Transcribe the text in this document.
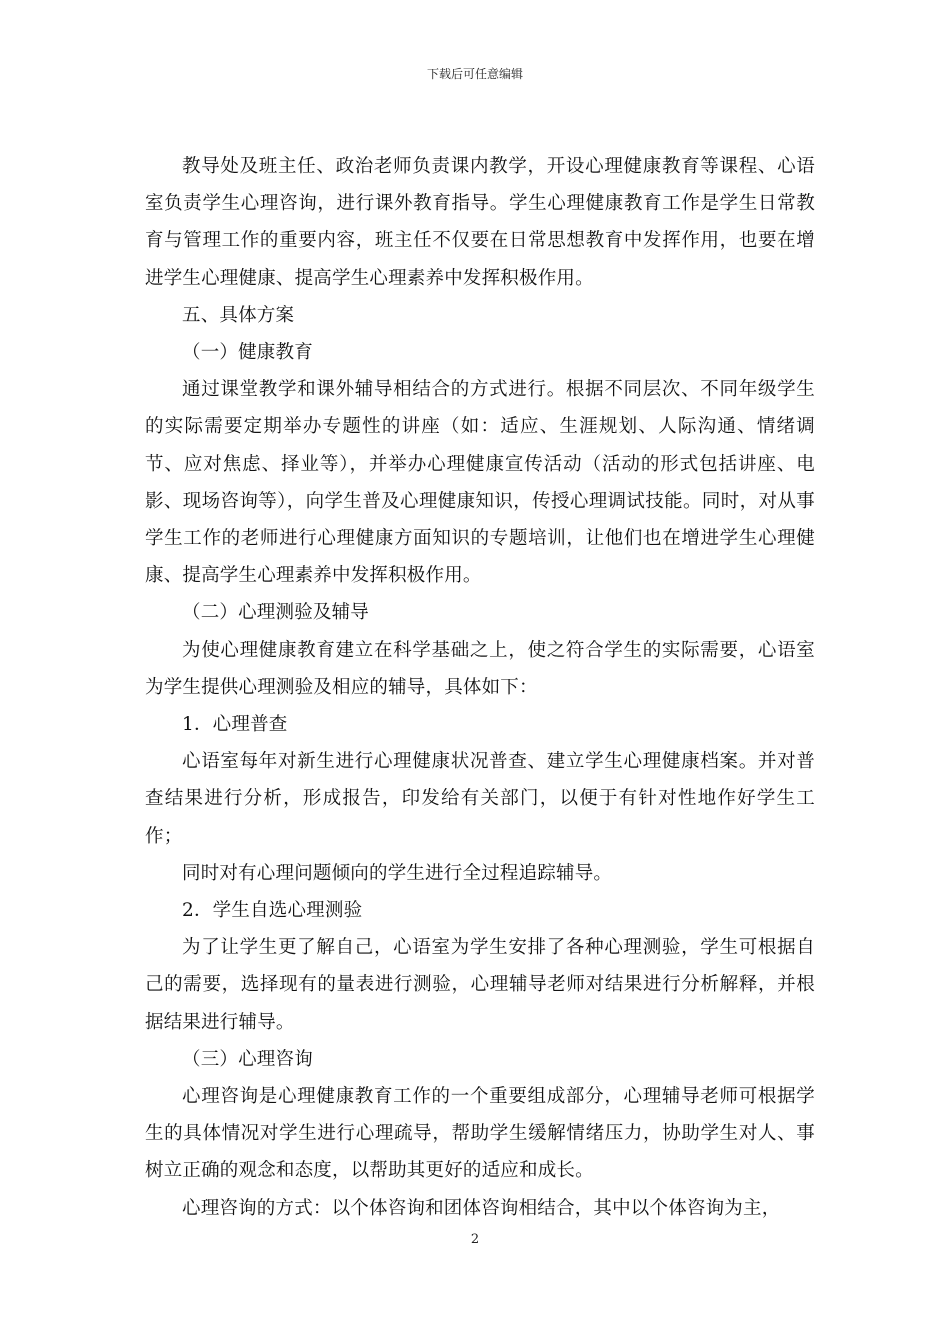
下载后可任意编辑

教导处及班主任、政治老师负责课内教学，开设心理健康教育等课程、心语室负责学生心理咨询，进行课外教育指导。学生心理健康教育工作是学生日常教育与管理工作的重要内容，班主任不仅要在日常思想教育中发挥作用，也要在增进学生心理健康、提高学生心理素养中发挥积极作用。

五、具体方案

（一）健康教育

通过课堂教学和课外辅导相结合的方式进行。根据不同层次、不同年级学生的实际需要定期举办专题性的讲座（如：适应、生涯规划、人际沟通、情绪调节、应对焦虑、择业等），并举办心理健康宣传活动（活动的形式包括讲座、电影、现场咨询等），向学生普及心理健康知识，传授心理调试技能。同时，对从事学生工作的老师进行心理健康方面知识的专题培训，让他们也在增进学生心理健康、提高学生心理素养中发挥积极作用。

（二）心理测验及辅导

为使心理健康教育建立在科学基础之上，使之符合学生的实际需要，心语室为学生提供心理测验及相应的辅导，具体如下：

1．心理普查

心语室每年对新生进行心理健康状况普查、建立学生心理健康档案。并对普查结果进行分析，形成报告，印发给有关部门，以便于有针对性地作好学生工作；

同时对有心理问题倾向的学生进行全过程追踪辅导。

2．学生自选心理测验

为了让学生更了解自己，心语室为学生安排了各种心理测验，学生可根据自己的需要，选择现有的量表进行测验，心理辅导老师对结果进行分析解释，并根据结果进行辅导。

（三）心理咨询

心理咨询是心理健康教育工作的一个重要组成部分，心理辅导老师可根据学生的具体情况对学生进行心理疏导，帮助学生缓解情绪压力，协助学生对人、事树立正确的观念和态度，以帮助其更好的适应和成长。

心理咨询的方式：以个体咨询和团体咨询相结合，其中以个体咨询为主，

2
